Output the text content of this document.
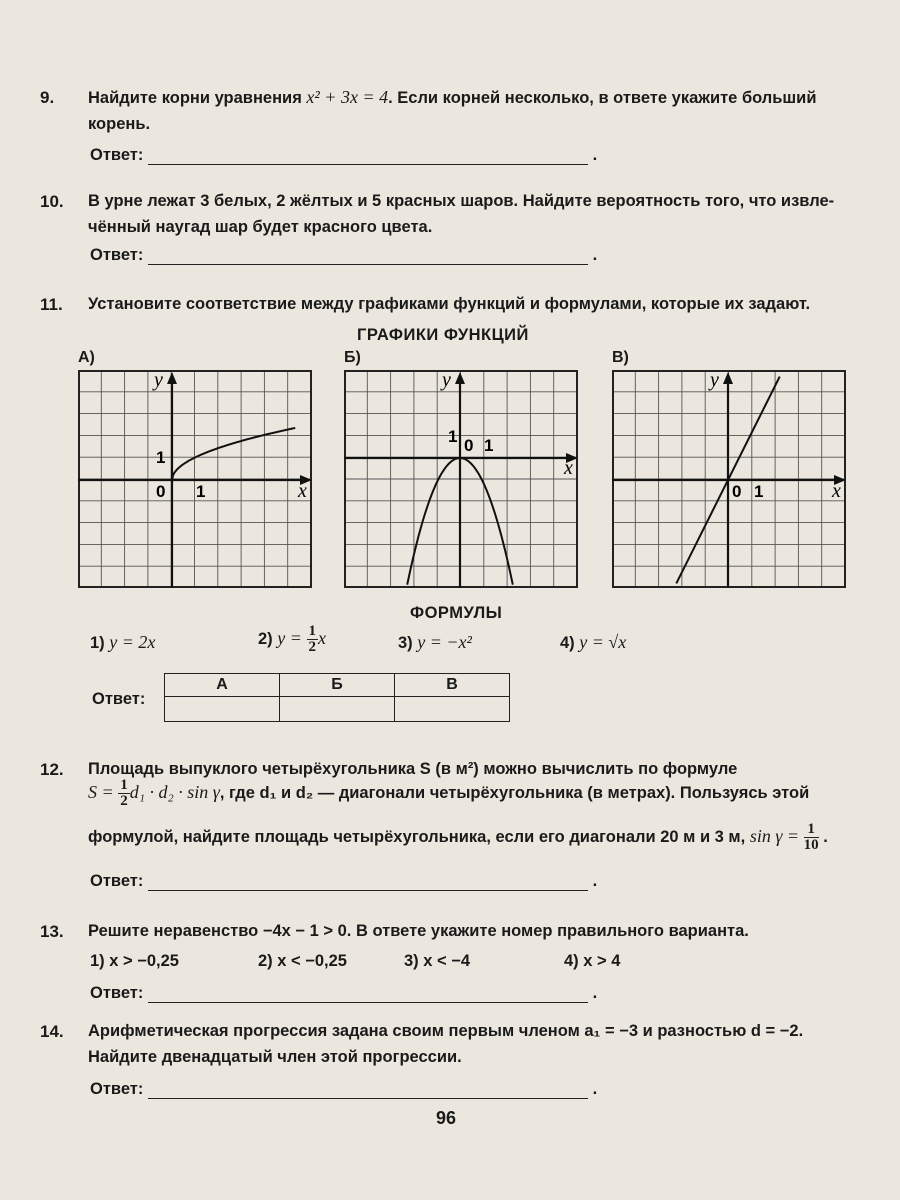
9. Найдите корни уравнения x² + 3x = 4. Если корней несколько, в ответе укажите больший
корень.
Ответ:	.
10. В урне лежат 3 белых, 2 жёлтых и 5 красных шаров. Найдите вероятность того, что извле-
чённый наугад шар будет красного цвета.
Ответ:	.
11. Установите соответствие между графиками функций и формулами, которые их задают.
ГРАФИКИ ФУНКЦИЙ
А)	Б)	В)
x
y
0 1
1	x
y
0 1
1
x
y
0 1
ФОРМУЛЫ
1) y = 2x	2) $y = \frac{1}{2}$ x	3) y = −x²	4) y = √x
Ответ:
А	Б	В

12. Площадь выпуклого четырёхугольника S (в м²) можно вычислить по формуле
$S = \frac{1}{2} d_1 \cdot d_2 \cdot \sin \gamma$, где d₁ и d₂ — диагонали четырёхугольника (в метрах). Пользуясь этой
формулой, найдите площадь четырёхугольника, если его диагонали 20 м и 3 м, $\sin \gamma = \frac{1}{10}$ .
Ответ:	.
13. Решите неравенство −4x − 1 > 0. В ответе укажите номер правильного варианта.
1) x > −0,25	2) x < −0,25	3) x < −4	4) x > 4
Ответ:	.
14. Арифметическая прогрессия задана своим первым членом a₁ = −3 и разностью d = −2.
Найдите двенадцатый член этой прогрессии.
Ответ:	.
96
